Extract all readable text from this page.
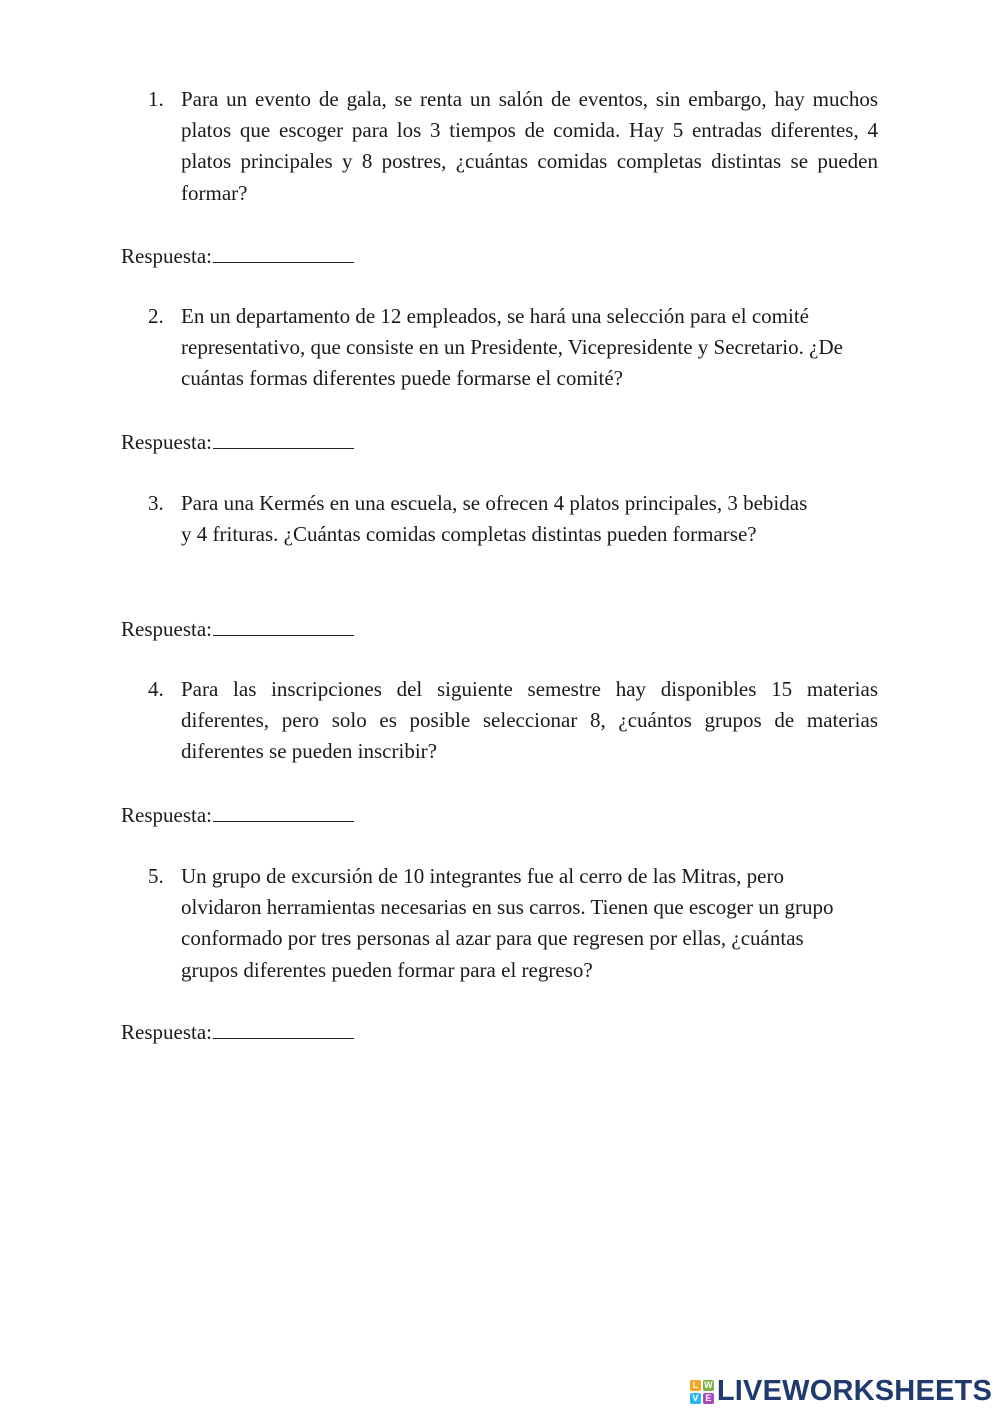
1. Para un evento de gala, se renta un salón de eventos, sin embargo, hay muchos platos que escoger para los 3 tiempos de comida. Hay 5 entradas diferentes, 4 platos principales y 8 postres, ¿cuántas comidas completas distintas se pueden formar?
Respuesta:
2. En un departamento de 12 empleados, se hará una selección para el comité representativo, que consiste en un Presidente, Vicepresidente y Secretario. ¿De cuántas formas diferentes puede formarse el comité?
Respuesta:
3. Para una Kermés en una escuela, se ofrecen 4 platos principales, 3 bebidas y 4 frituras. ¿Cuántas comidas completas distintas pueden formarse?
Respuesta:
4. Para las inscripciones del siguiente semestre hay disponibles 15 materias diferentes, pero solo es posible seleccionar 8, ¿cuántos grupos de materias diferentes se pueden inscribir?
Respuesta:
5. Un grupo de excursión de 10 integrantes fue al cerro de las Mitras, pero olvidaron herramientas necesarias en sus carros. Tienen que escoger un grupo conformado por tres personas al azar para que regresen por ellas, ¿cuántas grupos diferentes pueden formar para el regreso?
Respuesta:
L W
V E LIVEWORKSHEETS
